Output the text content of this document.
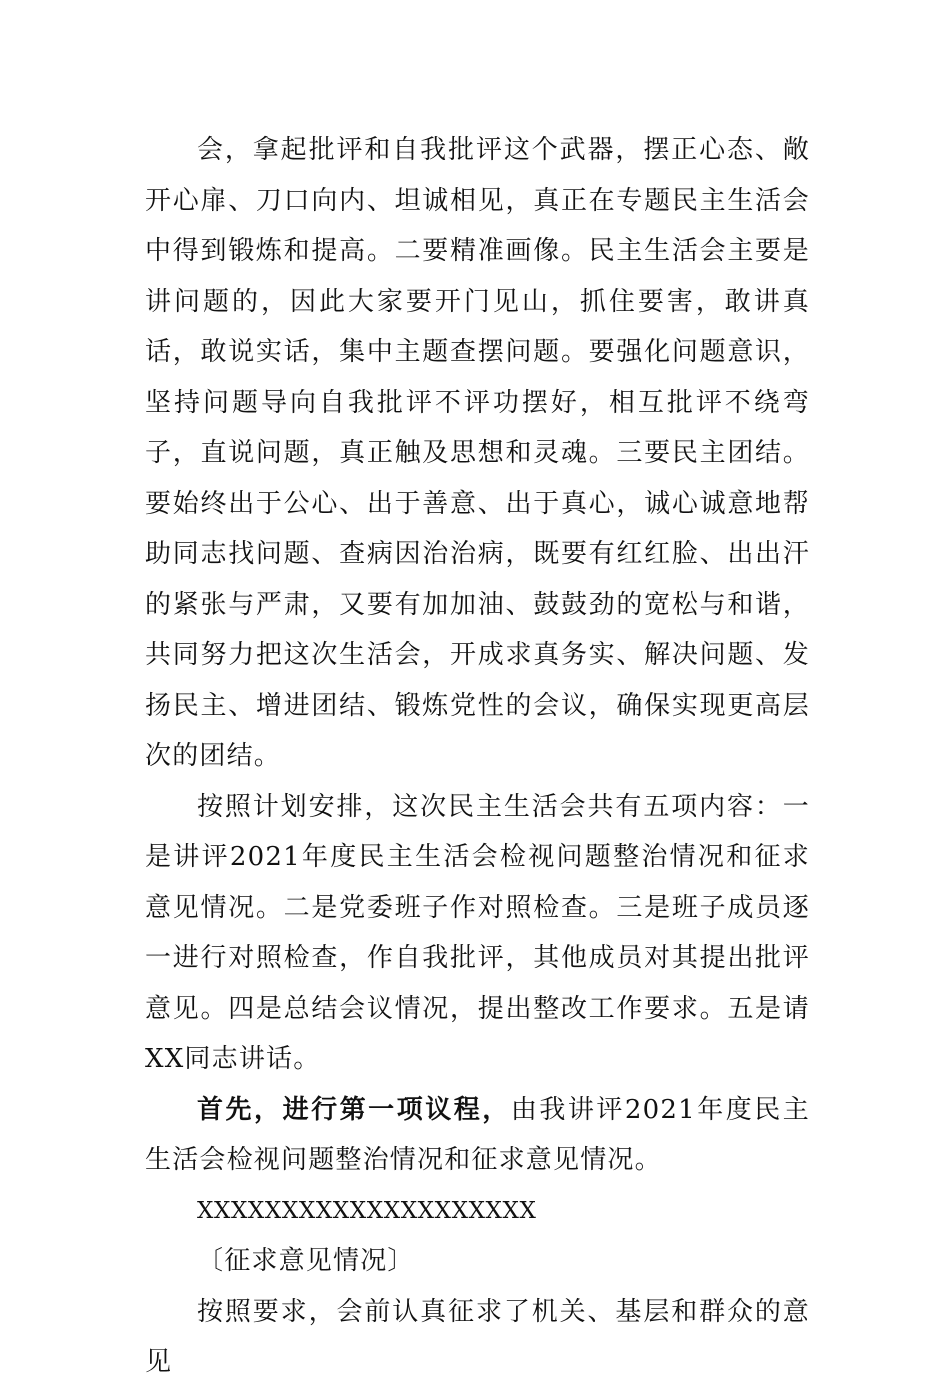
会，拿起批评和自我批评这个武器，摆正心态、敞开心扉、刀口向内、坦诚相见，真正在专题民主生活会中得到锻炼和提高。二要精准画像。民主生活会主要是讲问题的，因此大家要开门见山，抓住要害，敢讲真话，敢说实话，集中主题查摆问题。要强化问题意识，坚持问题导向自我批评不评功摆好，相互批评不绕弯子，直说问题，真正触及思想和灵魂。三要民主团结。要始终出于公心、出于善意、出于真心，诚心诚意地帮助同志找问题、查病因治治病，既要有红红脸、出出汗的紧张与严肃，又要有加加油、鼓鼓劲的宽松与和谐，共同努力把这次生活会，开成求真务实、解决问题、发扬民主、增进团结、锻炼党性的会议，确保实现更高层次的团结。

按照计划安排，这次民主生活会共有五项内容：一是讲评2021年度民主生活会检视问题整治情况和征求意见情况。二是党委班子作对照检查。三是班子成员逐一进行对照检查，作自我批评，其他成员对其提出批评意见。四是总结会议情况，提出整改工作要求。五是请XX同志讲话。

首先，进行第一项议程，由我讲评2021年度民主生活会检视问题整治情况和征求意见情况。

XXXXXXXXXXXXXXXXXXXX

〔征求意见情况〕

按照要求，会前认真征求了机关、基层和群众的意见
